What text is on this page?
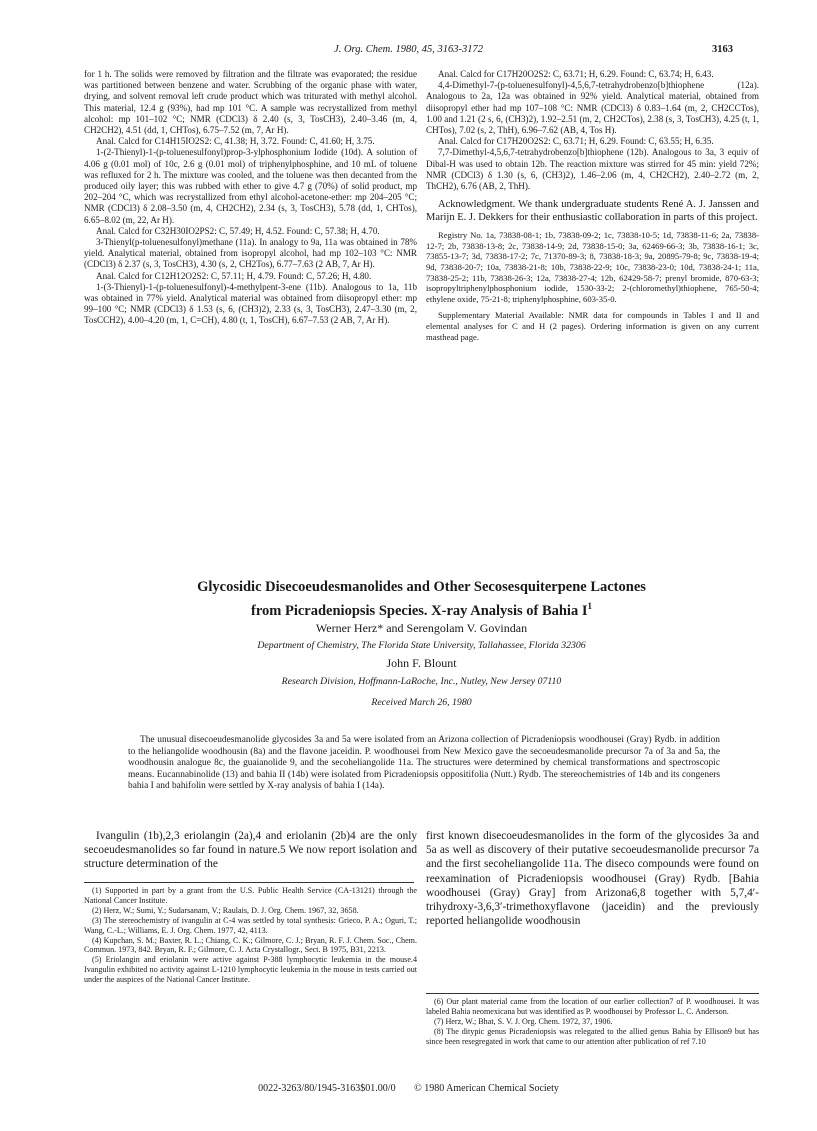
J. Org. Chem. 1980, 45, 3163-3172	3163

for 1 h. The solids were removed by filtration and the filtrate was evaporated; the residue was partitioned between benzene and water. Scrubbing of the organic phase with water, drying, and solvent removal left crude product which was triturated with methyl alcohol. This material, 12.4 g (93%), had mp 101 °C. A sample was recrystallized from methyl alcohol: mp 101–102 °C; NMR (CDCl3) δ 2.40 (s, 3, TosCH3), 2.40–3.46 (m, 4, CH2CH2), 4.51 (dd, 1, CHTos), 6.75–7.52 (m, 7, Ar H).

Anal. Calcd for C14H15IO2S2: C, 41.38; H, 3.72. Found: C, 41.60; H, 3.75.

1-(2-Thienyl)-1-(p-toluenesulfonyl)prop-3-ylphosphonium Iodide (10d). A solution of 4.06 g (0.01 mol) of 10c, 2.6 g (0.01 mol) of triphenylphosphine, and 10 mL of toluene was refluxed for 2 h. The mixture was cooled, and the toluene was then decanted from the produced oily layer; this was rubbed with ether to give 4.7 g (70%) of solid product, mp 202–204 °C, which was recrystallized from ethyl alcohol-acetone-ether: mp 204–205 °C; NMR (CDCl3) δ 2.08–3.50 (m, 4, CH2CH2), 2.34 (s, 3, TosCH3), 5.78 (dd, 1, CHTos), 6.65–8.02 (m, 22, Ar H).

Anal. Calcd for C32H30IO2PS2: C, 57.49; H, 4.52. Found: C, 57.38; H, 4.70.

3-Thienyl(p-toluenesulfonyl)methane (11a). In analogy to 9a, 11a was obtained in 78% yield. Analytical material, obtained from isopropyl alcohol, had mp 102–103 °C: NMR (CDCl3) δ 2.37 (s, 3, TosCH3), 4.30 (s, 2, CH2Tos), 6.77–7.63 (2 AB, 7, Ar H).

Anal. Calcd for C12H12O2S2: C, 57.11; H, 4.79. Found: C, 57.26; H, 4.80.

1-(3-Thienyl)-1-(p-toluenesulfonyl)-4-methylpent-3-ene (11b). Analogous to 1a, 11b was obtained in 77% yield. Analytical material was obtained from diisopropyl ether: mp 99–100 °C; NMR (CDCl3) δ 1.53 (s, 6, (CH3)2), 2.33 (s, 3, TosCH3), 2.47–3.30 (m, 2, TosCCH2), 4.00–4.20 (m, 1, C=CH), 4.80 (t, 1, TosCH), 6.67–7.53 (2 AB, 7, Ar H).

Anal. Calcd for C17H20O2S2: C, 63.71; H, 6.29. Found: C, 63.74; H, 6.43.

4,4-Dimethyl-7-(p-toluenesulfonyl)-4,5,6,7-tetrahydrobenzo[b]thiophene (12a). Analogous to 2a, 12a was obtained in 92% yield. Analytical material, obtained from diisopropyl ether had mp 107–108 °C: NMR (CDCl3) δ 0.83–1.64 (m, 2, CH2CCTos), 1.00 and 1.21 (2 s, 6, (CH3)2), 1.92–2.51 (m, 2, CH2CTos), 2.38 (s, 3, TosCH3), 4.25 (t, 1, CHTos), 7.02 (s, 2, ThH), 6.96–7.62 (AB, 4, Tos H).

Anal. Calcd for C17H20O2S2: C, 63.71; H, 6.29. Found: C, 63.55; H, 6.35.

7,7-Dimethyl-4,5,6,7-tetrahydrobenzo[b]thiophene (12b). Analogous to 3a, 3 equiv of Dibal-H was used to obtain 12b. The reaction mixture was stirred for 45 min: yield 72%; NMR (CDCl3) δ 1.30 (s, 6, (CH3)2), 1.46–2.06 (m, 4, CH2CH2), 2.40–2.72 (m, 2, ThCH2), 6.76 (AB, 2, ThH).

Acknowledgment. We thank undergraduate students René A. J. Janssen and Marijn E. J. Dekkers for their enthusiastic collaboration in parts of this project.

Registry No. 1a, 73838-08-1; 1b, 73838-09-2; 1c, 73838-10-5; 1d, 73838-11-6; 2a, 73838-12-7; 2b, 73838-13-8; 2c, 73838-14-9; 2d, 73838-15-0; 3a, 62469-66-3; 3b, 73838-16-1; 3c, 73855-13-7; 3d, 73838-17-2; 7c, 71370-89-3; 8, 73838-18-3; 9a, 20895-79-8; 9c, 73838-19-4; 9d, 73838-20-7; 10a, 73838-21-8; 10b, 73838-22-9; 10c, 73838-23-0; 10d, 73838-24-1; 11a, 73838-25-2; 11b, 73838-26-3; 12a, 73838-27-4; 12b, 62429-58-7; prenyl bromide, 870-63-3; isopropyltriphenylphosphonium iodide, 1530-33-2; 2-(chloromethyl)thiophene, 765-50-4; ethylene oxide, 75-21-8; triphenylphosphine, 603-35-0.

Supplementary Material Available: NMR data for compounds in Tables I and II and elemental analyses for C and H (2 pages). Ordering information is given on any current masthead page.

Glycosidic Disecoeudesmanolides and Other Secosesquiterpene Lactones
from Picradeniopsis Species. X-ray Analysis of Bahia $I^1$
Werner Herz* and Serengolam V. Govindan
Department of Chemistry, The Florida State University, Tallahassee, Florida 32306
John F. Blount
Research Division, Hoffmann-LaRoche, Inc., Nutley, New Jersey 07110
Received March 26, 1980
The unusual disecoeudesmanolide glycosides 3a and 5a were isolated from an Arizona collection of Picradeniopsis woodhousei (Gray) Rydb. in addition to the heliangolide woodhousin (8a) and the flavone jaceidin. P. woodhousei from New Mexico gave the secoeudesmanolide precursor 7a of 3a and 5a, the woodhousin analogue 8c, the guaianolide 9, and the secoheliangolide 11a. The structures were determined by chemical transformations and spectroscopic means. Eucannabinolide (13) and bahia II (14b) were isolated from Picradeniopsis oppositifolia (Nutt.) Rydb. The stereochemistries of 14b and its congeners bahia I and bahifolin were settled by X-ray analysis of bahia I (14a).

Ivangulin (1b),2,3 eriolangin (2a),4 and eriolanin (2b)4 are the only secoeudesmanolides so far found in nature.5 We now report isolation and structure determination of the

first known disecoeudesmanolides in the form of the glycosides 3a and 5a as well as discovery of their putative secoeudesmanolide precursor 7a and the first secoheliangolide 11a. The diseco compounds were found on reexamination of Picradeniopsis woodhousei (Gray) Rydb. [Bahia woodhousei (Gray) Gray] from Arizona6,8 together with 5,7,4′-trihydroxy-3,6,3′-trimethoxyflavone (jaceidin) and the previously reported heliangolide woodhousin

(1) Supported in part by a grant from the U.S. Public Health Service (CA-13121) through the National Cancer Institute.

(2) Herz, W.; Sumi, Y.; Sudarsanam, V.; Raulais, D. J. Org. Chem. 1967, 32, 3658.

(3) The stereochemistry of ivangulin at C-4 was settled by total synthesis: Grieco, P. A.; Oguri, T.; Wang, C.-L.; Williams, E. J. Org. Chem. 1977, 42, 4113.

(4) Kupchan, S. M.; Baxter, R. L.; Chiang, C. K.; Gilmore, C. J.; Bryan, R. F. J. Chem. Soc., Chem. Commun. 1973, 842. Bryan, R. F.; Gilmore, C. J. Acta Crystallogr., Sect. B 1975, B31, 2213.

(5) Eriolangin and eriolanin were active against P-388 lymphocytic leukemia in the mouse.4 Ivangulin exhibited no activity against L-1210 lymphocytic leukemia in the mouse in tests carried out under the auspices of the National Cancer Institute.

(6) Our plant material came from the location of our earlier collection7 of P. woodhousei. It was labeled Bahia neomexicana but was identified as P. woodhousei by Professor L. C. Anderson.

(7) Herz, W.; Bhat, S. V. J. Org. Chem. 1972, 37, 1906.

(8) The ditypic genus Picradeniopsis was relegated to the allied genus Bahia by Ellison9 but has since been resegregated in work that came to our attention after publication of ref 7.10

0022-3263/80/1945-3163$01.00/0 © 1980 American Chemical Society
